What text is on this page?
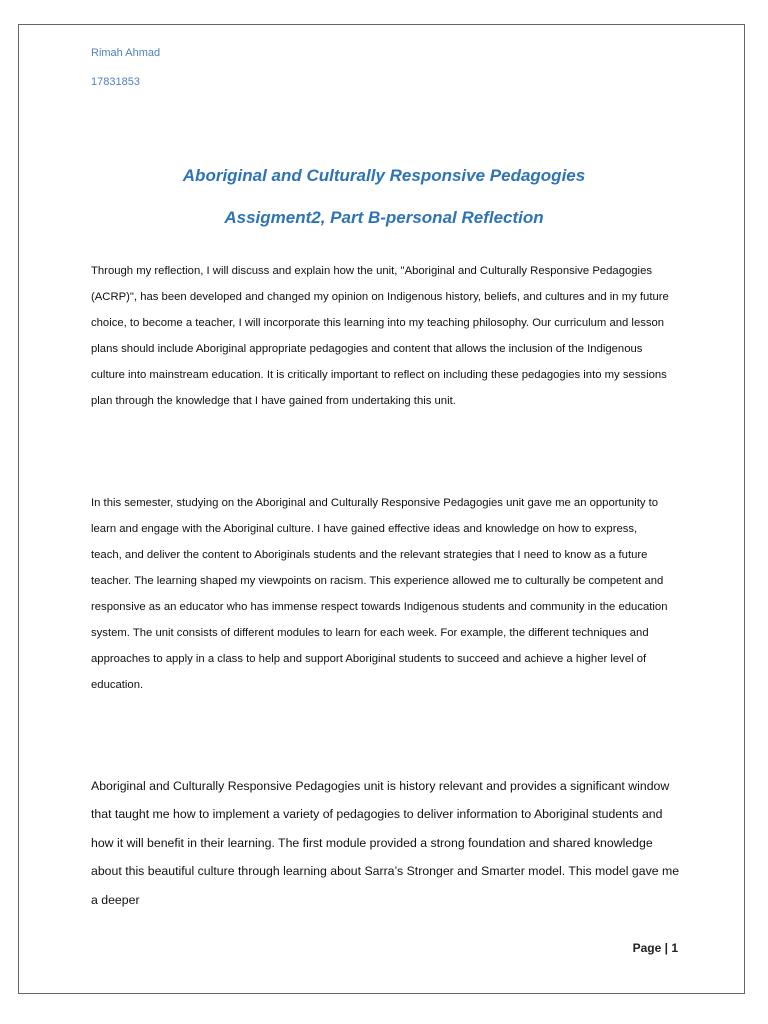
Rimah Ahmad

17831853

Aboriginal and Culturally Responsive Pedagogies
Assigment2, Part B-personal Reflection

Through my reflection, I will discuss and explain how the unit, "Aboriginal and Culturally Responsive Pedagogies (ACRP)", has been developed and changed my opinion on Indigenous history, beliefs, and cultures and in my future choice, to become a teacher, I will incorporate this learning into my teaching philosophy. Our curriculum and lesson plans should include Aboriginal appropriate pedagogies and content that allows the inclusion of the Indigenous culture into mainstream education. It is critically important to reflect on including these pedagogies into my sessions plan through the knowledge that I have gained from undertaking this unit.

In this semester, studying on the Aboriginal and Culturally Responsive Pedagogies unit gave me an opportunity to learn and engage with the Aboriginal culture. I have gained effective ideas and knowledge on how to express, teach, and deliver the content to Aboriginals students and the relevant strategies that I need to know as a future teacher. The learning shaped my viewpoints on racism. This experience allowed me to culturally be competent and responsive as an educator who has immense respect towards Indigenous students and community in the education system. The unit consists of different modules to learn for each week. For example, the different techniques and approaches to apply in a class to help and support Aboriginal students to succeed and achieve a higher level of education.

Aboriginal and Culturally Responsive Pedagogies unit is history relevant and provides a significant window that taught me how to implement a variety of pedagogies to deliver information to Aboriginal students and how it will benefit in their learning. The first module provided a strong foundation and shared knowledge about this beautiful culture through learning about Sarra’s Stronger and Smarter model. This model gave me a deeper

Page | 1
